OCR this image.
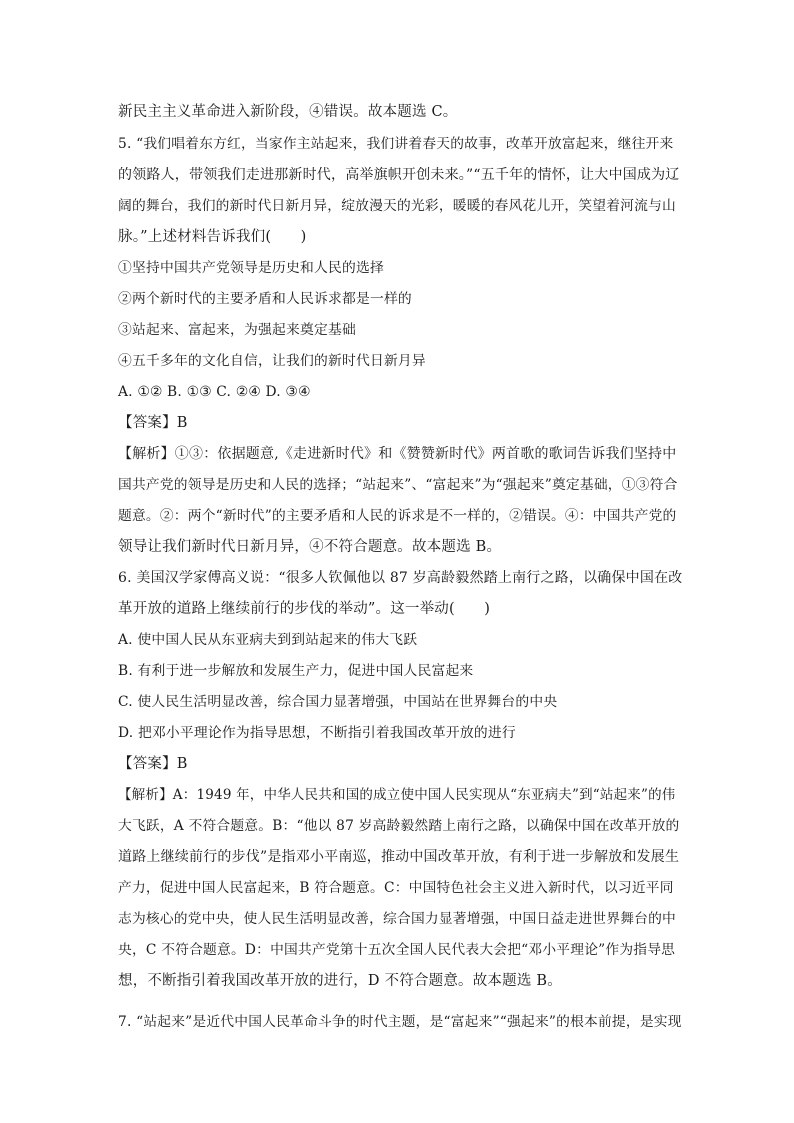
新民主主义革命进入新阶段，④错误。故本题选 C。
5. “我们唱着东方红，当家作主站起来，我们讲着春天的故事，改革开放富起来，继往开来
的领路人，带领我们走进那新时代，高举旗帜开创未来。”“五千年的情怀，让大中国成为辽
阔的舞台，我们的新时代日新月异，绽放漫天的光彩，暖暖的春风花儿开，笑望着河流与山
脉。”上述材料告诉我们(　　)
①坚持中国共产党领导是历史和人民的选择
②两个新时代的主要矛盾和人民诉求都是一样的
③站起来、富起来，为强起来奠定基础
④五千多年的文化自信，让我们的新时代日新月异
A. ①② B. ①③ C. ②④ D. ③④
【答案】B
【解析】①③：依据题意,《走进新时代》和《赞赞新时代》两首歌的歌词告诉我们坚持中
国共产党的领导是历史和人民的选择；“站起来”、“富起来”为“强起来”奠定基础，①③符合
题意。②：两个“新时代”的主要矛盾和人民的诉求是不一样的，②错误。④：中国共产党的
领导让我们新时代日新月异，④不符合题意。故本题选 B。
6. 美国汉学家傅高义说：“很多人钦佩他以 87 岁高龄毅然踏上南行之路，以确保中国在改
革开放的道路上继续前行的步伐的举动”。这一举动(　　)
A. 使中国人民从东亚病夫到到站起来的伟大飞跃
B. 有利于进一步解放和发展生产力，促进中国人民富起来
C. 使人民生活明显改善，综合国力显著增强，中国站在世界舞台的中央
D. 把邓小平理论作为指导思想，不断指引着我国改革开放的进行
【答案】B
【解析】A：1949 年，中华人民共和国的成立使中国人民实现从“东亚病夫”到“站起来”的伟
大飞跃，A 不符合题意。B：“他以 87 岁高龄毅然踏上南行之路，以确保中国在改革开放的
道路上继续前行的步伐”是指邓小平南巡，推动中国改革开放，有利于进一步解放和发展生
产力，促进中国人民富起来，B 符合题意。C：中国特色社会主义进入新时代，以习近平同
志为核心的党中央，使人民生活明显改善，综合国力显著增强，中国日益走进世界舞台的中
央，C 不符合题意。D：中国共产党第十五次全国人民代表大会把“邓小平理论”作为指导思
想，不断指引着我国改革开放的进行，D 不符合题意。故本题选 B。
7. “站起来”是近代中国人民革命斗争的时代主题，是“富起来”“强起来”的根本前提，是实现
